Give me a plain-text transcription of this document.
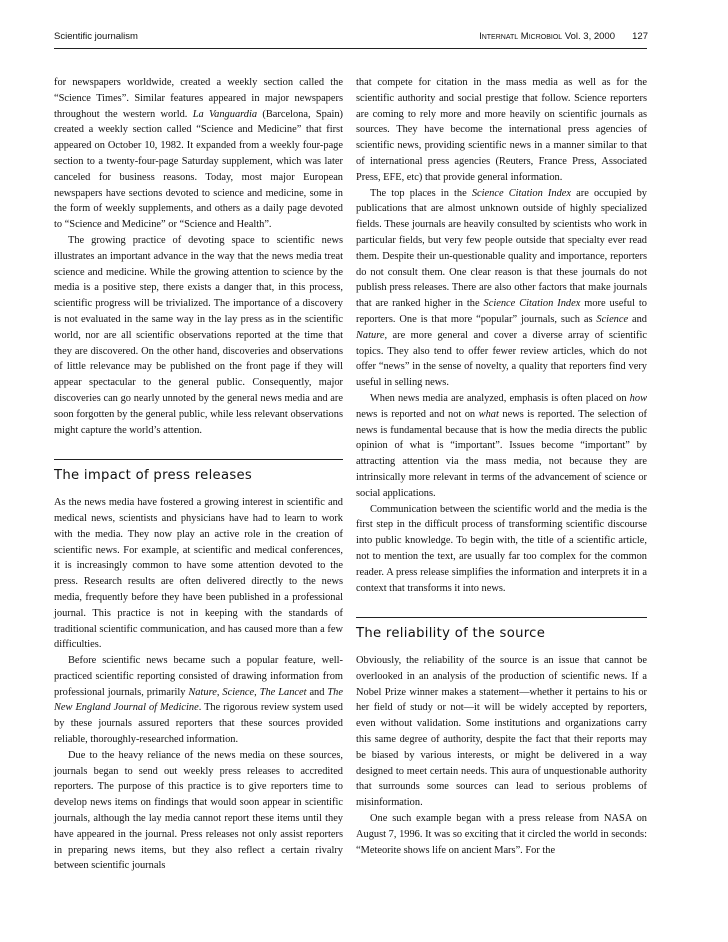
Scientific journalism	Internatl Microbiol Vol. 3, 2000 127

for newspapers worldwide, created a weekly section called the “Science Times”. Similar features appeared in major newspapers throughout the western world. La Vanguardia (Barcelona, Spain) created a weekly section called “Science and Medicine” that first appeared on October 10, 1982. It expanded from a weekly four-page section to a twenty-four-page Saturday supplement, which was later canceled for business reasons. Today, most major European newspapers have sections devoted to science and medicine, some in the form of weekly supplements, and others as a daily page devoted to “Science and Medicine” or “Science and Health”.

The growing practice of devoting space to scientific news illustrates an important advance in the way that the news media treat science and medicine. While the growing attention to science by the media is a positive step, there exists a danger that, in this process, scientific progress will be trivialized. The importance of a discovery is not evaluated in the same way in the lay press as in the scientific world, nor are all scientific observations reported at the time that they are discovered. On the other hand, discoveries and observations of little relevance may be published on the front page if they will appear spectacular to the general public. Consequently, major discoveries can go nearly unnoted by the general news media and are soon forgotten by the general public, while less relevant observations might capture the world’s attention.

The impact of press releases

As the news media have fostered a growing interest in scientific and medical news, scientists and physicians have had to learn to work with the media. They now play an active role in the creation of scientific news. For example, at scientific and medical conferences, it is increasingly common to have some attention devoted to the press. Research results are often delivered directly to the news media, frequently before they have been published in a professional journal. This practice is not in keeping with the standards of traditional scientific communication, and has caused more than a few difficulties.

Before scientific news became such a popular feature, well-practiced scientific reporting consisted of drawing information from professional journals, primarily Nature, Science, The Lancet and The New England Journal of Medicine. The rigorous review system used by these journals assured reporters that these sources provided reliable, thoroughly-researched information.

Due to the heavy reliance of the news media on these sources, journals began to send out weekly press releases to accredited reporters. The purpose of this practice is to give reporters time to develop news items on findings that would soon appear in scientific journals, although the lay media cannot report these items until they have appeared in the journal. Press releases not only assist reporters in preparing news items, but they also reflect a certain rivalry between scientific journals

that compete for citation in the mass media as well as for the scientific authority and social prestige that follow. Science reporters are coming to rely more and more heavily on scientific journals as sources. They have become the international press agencies of scientific news, providing scientific news in a manner similar to that of international press agencies (Reuters, France Press, Associated Press, EFE, etc) that provide general information.

The top places in the Science Citation Index are occupied by publications that are almost unknown outside of highly specialized fields. These journals are heavily consulted by scientists who work in particular fields, but very few people outside that specialty ever read them. Despite their un-questionable quality and importance, reporters do not consult them. One clear reason is that these journals do not publish press releases. There are also other factors that make journals that are ranked higher in the Science Citation Index more useful to reporters. One is that more “popular” journals, such as Science and Nature, are more general and cover a diverse array of scientific topics. They also tend to offer fewer review articles, which do not offer “news” in the sense of novelty, a quality that reporters find very useful in selling news.

When news media are analyzed, emphasis is often placed on how news is reported and not on what news is reported. The selection of news is fundamental because that is how the media directs the public opinion of what is “important”. Issues become “important” by attracting attention via the mass media, not because they are intrinsically more relevant in terms of the advancement of science or social applications.

Communication between the scientific world and the media is the first step in the difficult process of transforming scientific discourse into public knowledge. To begin with, the title of a scientific article, not to mention the text, are usually far too complex for the common reader. A press release simplifies the information and interprets it in a context that transforms it into news.

The reliability of the source

Obviously, the reliability of the source is an issue that cannot be overlooked in an analysis of the production of scientific news. If a Nobel Prize winner makes a statement—whether it pertains to his or her field of study or not—it will be widely accepted by reporters, even without validation. Some institutions and organizations carry this same degree of authority, despite the fact that their reports may be biased by various interests, or might be delivered in a way designed to meet certain needs. This aura of unquestionable authority that surrounds some sources can lead to serious problems of misinformation.

One such example began with a press release from NASA on August 7, 1996. It was so exciting that it circled the world in seconds: “Meteorite shows life on ancient Mars”. For the
